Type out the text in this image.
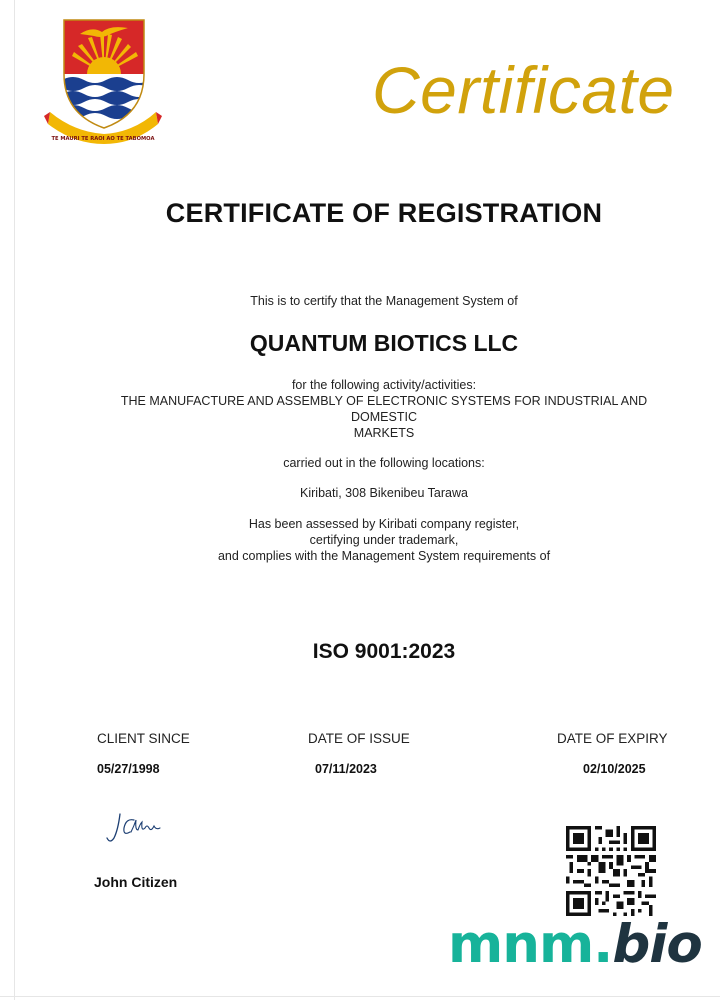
TE MAURI TE RAOI AO TE TABOMOA
Certificate
CERTIFICATE OF REGISTRATION
This is to certify that the Management System of
QUANTUM BIOTICS LLC
for the following activity/activities:
THE MANUFACTURE AND ASSEMBLY OF ELECTRONIC SYSTEMS FOR INDUSTRIAL AND
DOMESTIC
MARKETS
carried out in the following locations:
Kiribati, 308 Bikenibeu Tarawa
Has been assessed by Kiribati company register,
certifying under trademark,
and complies with the Management System requirements of
ISO 9001:2023
CLIENT SINCE	DATE OF ISSUE	DATE OF EXPIRY
05/27/1998	07/11/2023	02/10/2025
John Citizen
mnm.bio
